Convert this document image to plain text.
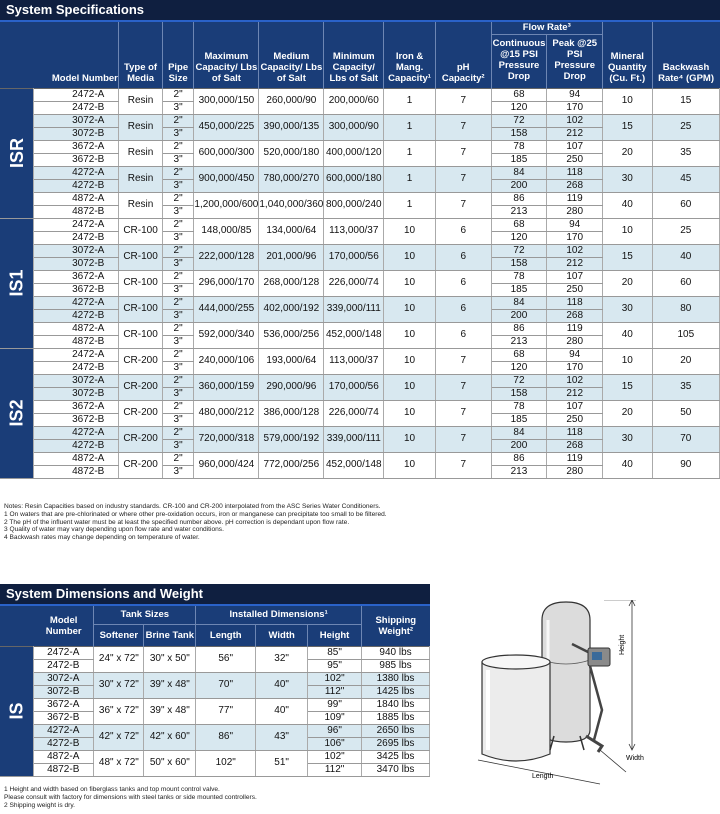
System Specifications
	Model Number	Type of Media	Pipe Size	Maximum Capacity/ Lbs of Salt	Medium Capacity/ Lbs of Salt	Minimum Capacity/ Lbs of Salt	Iron & Mang. Capacity¹	pH Capacity²	Flow Rate³		Mineral Quantity (Cu. Ft.)	Backwash Rate⁴ (GPM)
									Continuous @15 PSI Pressure Drop	Peak @25 PSI Pressure Drop		
ISR	2472-A	Resin	2"	300,000/150	260,000/90	200,000/60	1	7	68	94	10	15
	2472-B		3"						120	170		
	3072-A	Resin	2"	450,000/225	390,000/135	300,000/90	1	7	72	102	15	25
	3072-B		3"						158	212		
	3672-A	Resin	2"	600,000/300	520,000/180	400,000/120	1	7	78	107	20	35
	3672-B		3"						185	250		
	4272-A	Resin	2"	900,000/450	780,000/270	600,000/180	1	7	84	118	30	45
	4272-B		3"						200	268		
	4872-A	Resin	2"	1,200,000/600	1,040,000/360	800,000/240	1	7	86	119	40	60
	4872-B		3"						213	280		
IS1	2472-A	CR-100	2"	148,000/85	134,000/64	113,000/37	10	6	68	94	10	25
	2472-B		3"						120	170		
	3072-A	CR-100	2"	222,000/128	201,000/96	170,000/56	10	6	72	102	15	40
	3072-B		3"						158	212		
	3672-A	CR-100	2"	296,000/170	268,000/128	226,000/74	10	6	78	107	20	60
	3672-B		3"						185	250		
	4272-A	CR-100	2"	444,000/255	402,000/192	339,000/111	10	6	84	118	30	80
	4272-B		3"						200	268		
	4872-A	CR-100	2"	592,000/340	536,000/256	452,000/148	10	6	86	119	40	105
	4872-B		3"						213	280		
IS2	2472-A	CR-200	2"	240,000/106	193,000/64	113,000/37	10	7	68	94	10	20
	2472-B		3"						120	170		
	3072-A	CR-200	2"	360,000/159	290,000/96	170,000/56	10	7	72	102	15	35
	3072-B		3"						158	212		
	3672-A	CR-200	2"	480,000/212	386,000/128	226,000/74	10	7	78	107	20	50
	3672-B		3"						185	250		
	4272-A	CR-200	2"	720,000/318	579,000/192	339,000/111	10	7	84	118	30	70
	4272-B		3"						200	268		
	4872-A	CR-200	2"	960,000/424	772,000/256	452,000/148	10	7	86	119	40	90
	4872-B		3"						213	280		
Notes: Resin Capacities based on industry standards. CR-100 and CR-200 interpolated from the ASC Series Water Conditioners.
1 On waters that are pre-chlorinated or where other pre-oxidation occurs, iron or manganese can precipitate too small to be filtered.
2 The pH of the influent water must be at least the specified number above. pH correction is dependant upon flow rate.
3 Quality of water may vary depending upon flow rate and water conditions.
4 Backwash rates may change depending on temperature of water.
System Dimensions and Weight
	Model Number	Tank Sizes		Installed Dimensions¹			Shipping Weight²
		Softener	Brine Tank	Length	Width	Height	
IS	2472-A	24" x 72"	30" x 50"	56"	32"	85"	940 lbs
	2472-B					95"	985 lbs
	3072-A	30" x 72"	39" x 48"	70"	40"	102"	1380 lbs
	3072-B					112"	1425 lbs
	3672-A	36" x 72"	39" x 48"	77"	40"	99"	1840 lbs
	3672-B					109"	1885 lbs
	4272-A	42" x 72"	42" x 60"	86"	43"	96"	2650 lbs
	4272-B					106"	2695 lbs
	4872-A	48" x 72"	50" x 60"	102"	51"	102"	3425 lbs
	4872-B					112"	3470 lbs
1 Height and width based on fiberglass tanks and top mount control valve.
Please consult with factory for dimensions with steel tanks or side mounted controllers.
2 Shipping weight is dry.
Height
Width
Length
